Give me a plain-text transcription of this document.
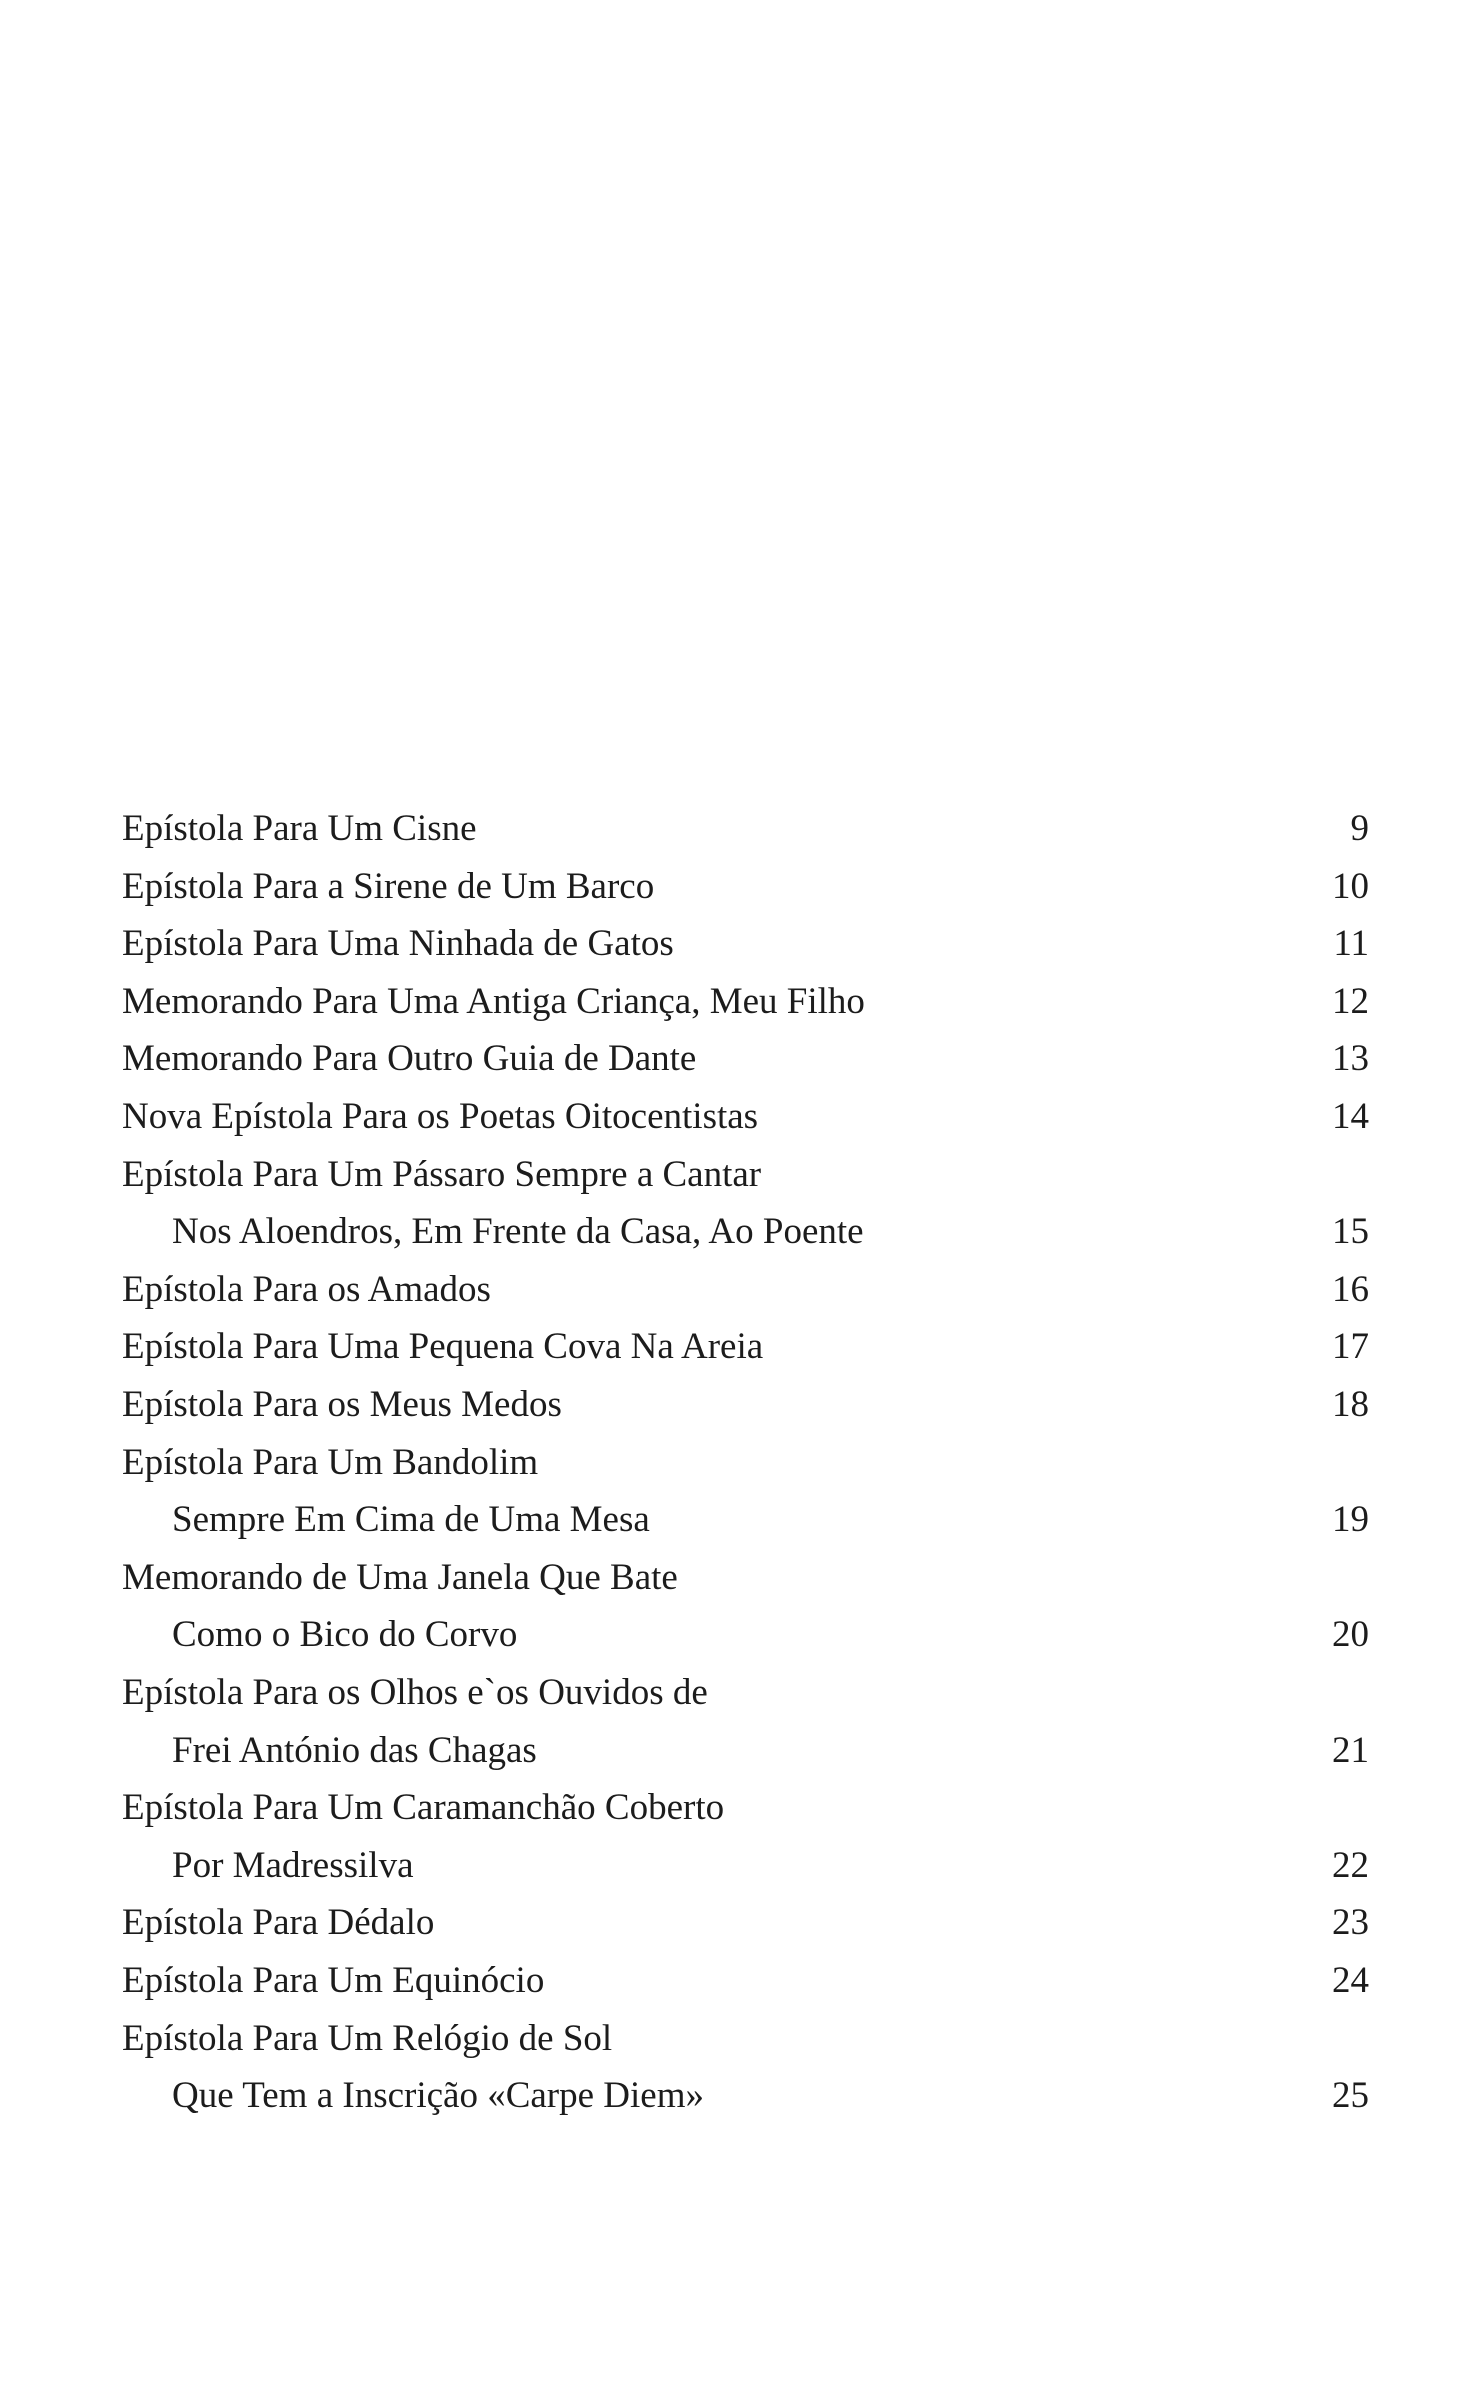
Epístola Para Um Cisne	9
Epístola Para a Sirene de Um Barco	10
Epístola Para Uma Ninhada de Gatos	11
Memorando Para Uma Antiga Criança, Meu Filho	12
Memorando Para Outro Guia de Dante	13
Nova Epístola Para os Poetas Oitocentistas	14
Epístola Para Um Pássaro Sempre a Cantar
Nos Aloendros, Em Frente da Casa, Ao Poente	15
Epístola Para os Amados	16
Epístola Para Uma Pequena Cova Na Areia	17
Epístola Para os Meus Medos	18
Epístola Para Um Bandolim
Sempre Em Cima de Uma Mesa	19
Memorando de Uma Janela Que Bate
Como o Bico do Corvo	20
Epístola Para os Olhos e`os Ouvidos de
Frei António das Chagas	21
Epístola Para Um Caramanchão Coberto
Por Madressilva	22
Epístola Para Dédalo	23
Epístola Para Um Equinócio	24
Epístola Para Um Relógio de Sol
Que Tem a Inscrição «Carpe Diem»	25
